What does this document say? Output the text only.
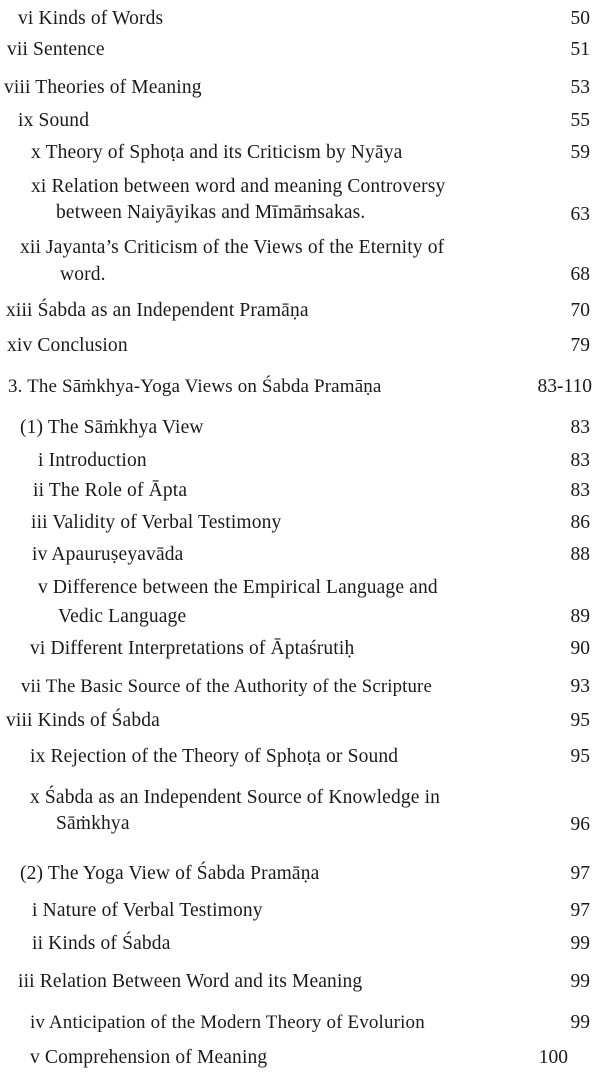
vi Kinds of Words	50
vii Sentence	51
viii Theories of Meaning	53
ix Sound	55
x Theory of Sphoṭa and its Criticism by Nyāya	59
xi Relation between word and meaning Controversy
between Naiyāyikas and Mīmāṁsakas.	63
xii Jayanta’s Criticism of the Views of the Eternity of
word.	68
xiii Śabda as an Independent Pramāṇa	70
xiv Conclusion	79
3. The Sāṁkhya-Yoga Views on Śabda Pramāṇa	83-110
(1) The Sāṁkhya View	83
i Introduction	83
ii The Role of Āpta	83
iii Validity of Verbal Testimony	86
iv Apauruṣeyavāda	88
v Difference between the Empirical Language and
Vedic Language	89
vi Different Interpretations of Āptaśrutiḥ	90
vii The Basic Source of the Authority of the Scripture	93
viii Kinds of Śabda	95
ix Rejection of the Theory of Sphoṭa or Sound	95
x Śabda as an Independent Source of Knowledge in
Sāṁkhya	96
(2) The Yoga View of Śabda Pramāṇa	97
i Nature of Verbal Testimony	97
ii Kinds of Śabda	99
iii Relation Between Word and its Meaning	99
iv Anticipation of the Modern Theory of Evolurion	99
v Comprehension of Meaning	100
